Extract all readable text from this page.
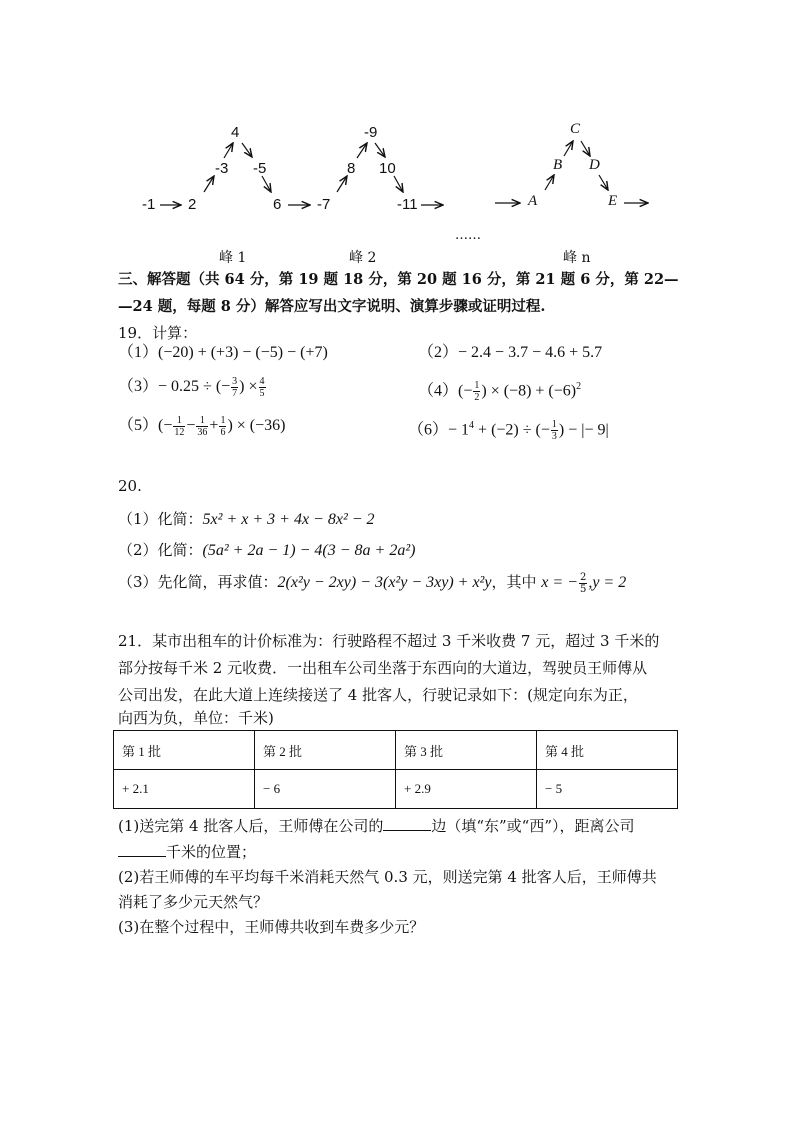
-1 2
-3
4
-5
6 -7
8
-9
10
-11	A
B
C
D
E
……
峰 1	峰 2	峰 n
三、解答题（共 64 分，第 19 题 18 分，第 20 题 16 分，第 21 题 6 分，第 22—
—24 题，每题 8 分）解答应写出文字说明、演算步骤或证明过程.
19．计算：
（1）(−20) + (+3) − (−5) − (+7)	（2）− 2.4 − 3.7 − 4.6 + 5.7
（3）− 0.25 ÷ (− $\frac{3}{7}$ ) × $\frac{4}{5}$	$(4)(- \frac{1}{2}$ ) × $(-8) + (-6)^2$
$(5)(- \frac{1}{12} - \frac{1}{36} + \frac{1}{6}$ ) × (−36)	$(6)- 1^4 + (-2)$ ÷ (− $\frac{1}{3}$ ) − |− 9|
20.
（1）化简：5x² + x + 3 + 4x − 8x² − 2
（2）化简：(5a² + 2a − 1) − 4(3 − 8a + 2a²)
（3）先化简，再求值：2(x²y − 2xy) − 3(x²y − 3xy) + x²y，其中 x = − $\frac{2}{5} ,y = 2$
21．某市出租车的计价标准为：行驶路程不超过 3 千米收费 7 元，超过 3 千米的
部分按每千米 2 元收费．一出租车公司坐落于东西向的大道边，驾驶员王师傅从
公司出发，在此大道上连续接送了 4 批客人，行驶记录如下：(规定向东为正，
向西为负，单位：千米)
第 1 批	第 2 批	第 3 批	第 4 批
+ 2.1	− 6	+ 2.9	− 5
(1)送完第 4 批客人后，王师傅在公司的	边（填“东”或“西”），距离公司
千米的位置；
(2)若王师傅的车平均每千米消耗天然气 0.3 元，则送完第 4 批客人后，王师傅共
消耗了多少元天然气？
(3)在整个过程中，王师傅共收到车费多少元？
